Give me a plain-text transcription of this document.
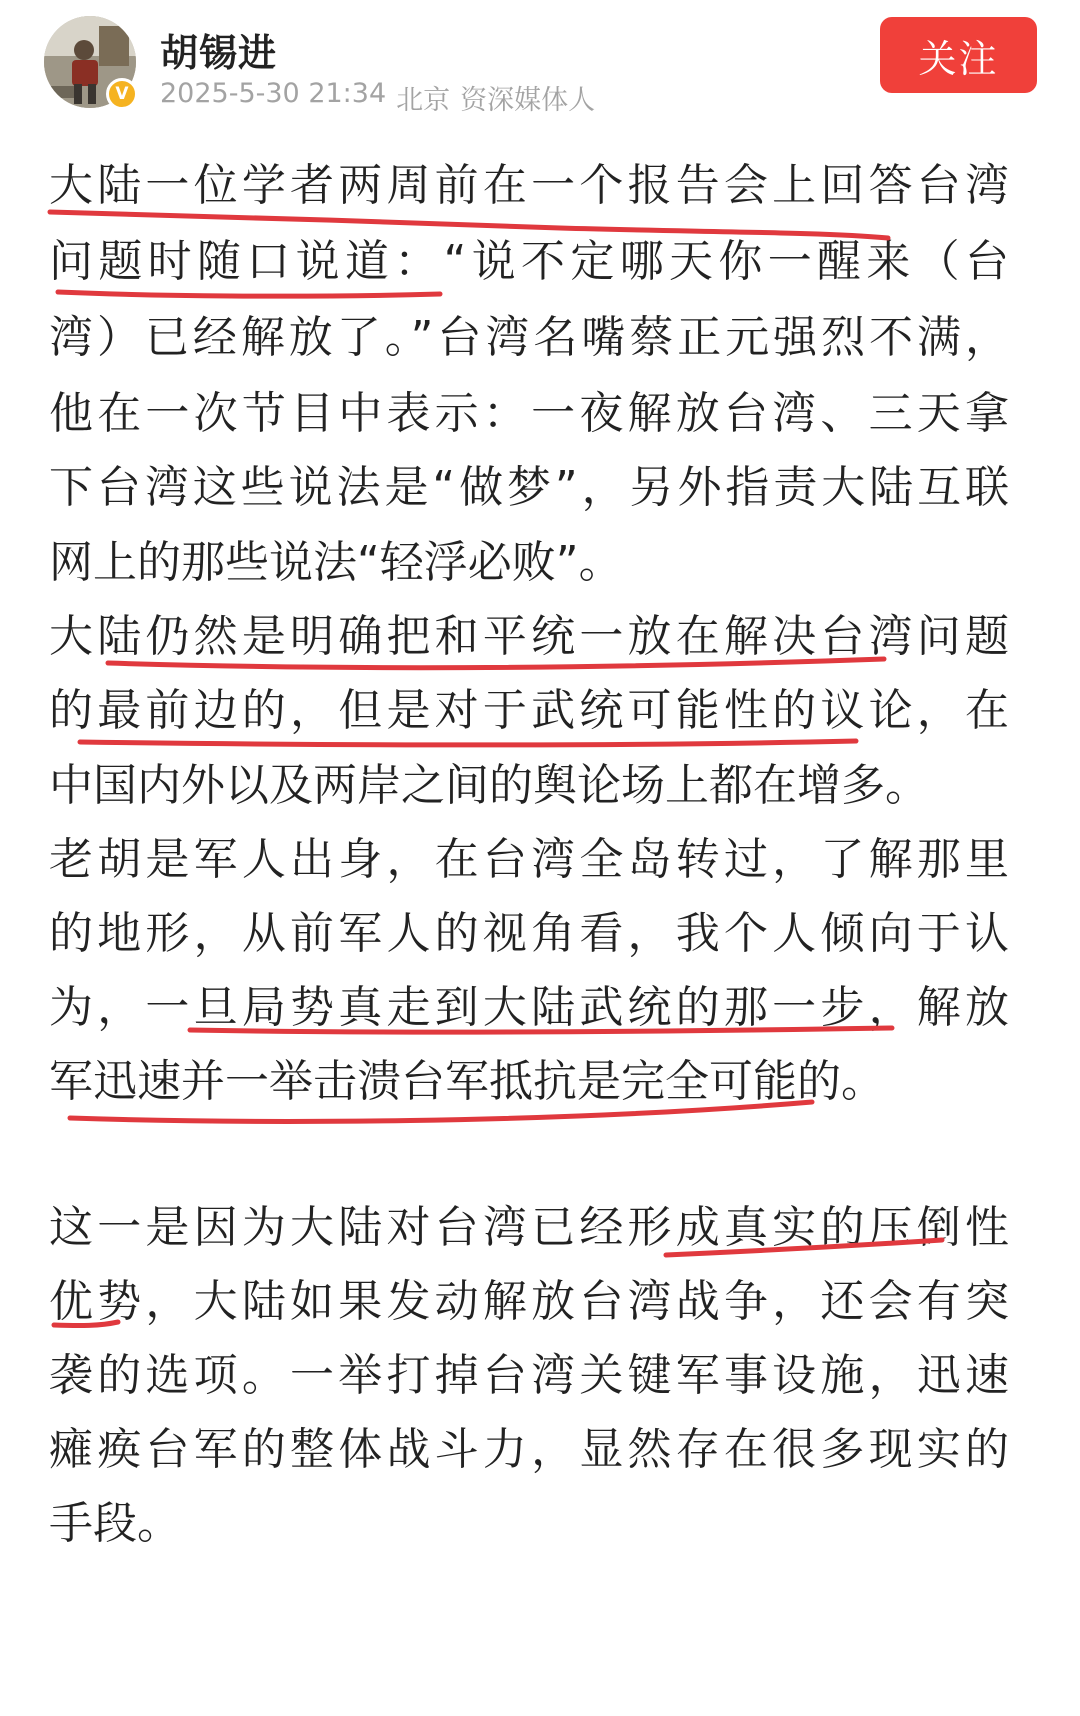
V
胡锡进
2025-5-30 21:34 北京 资深媒体人
关注
大陆一位学者两周前在一个报告会上回答台湾
问题时随口说道：“说不定哪天你一醒来（台
湾）已经解放了。”台湾名嘴蔡正元强烈不满，
他在一次节目中表示：一夜解放台湾、三天拿
下台湾这些说法是“做梦”，另外指责大陆互联
网上的那些说法“轻浮必败”。
大陆仍然是明确把和平统一放在解决台湾问题
的最前边的，但是对于武统可能性的议论，在
中国内外以及两岸之间的舆论场上都在增多。
老胡是军人出身，在台湾全岛转过，了解那里
的地形，从前军人的视角看，我个人倾向于认
为，一旦局势真走到大陆武统的那一步，解放
军迅速并一举击溃台军抵抗是完全可能的。
这一是因为大陆对台湾已经形成真实的压倒性
优势，大陆如果发动解放台湾战争，还会有突
袭的选项。一举打掉台湾关键军事设施，迅速
瘫痪台军的整体战斗力，显然存在很多现实的
手段。
